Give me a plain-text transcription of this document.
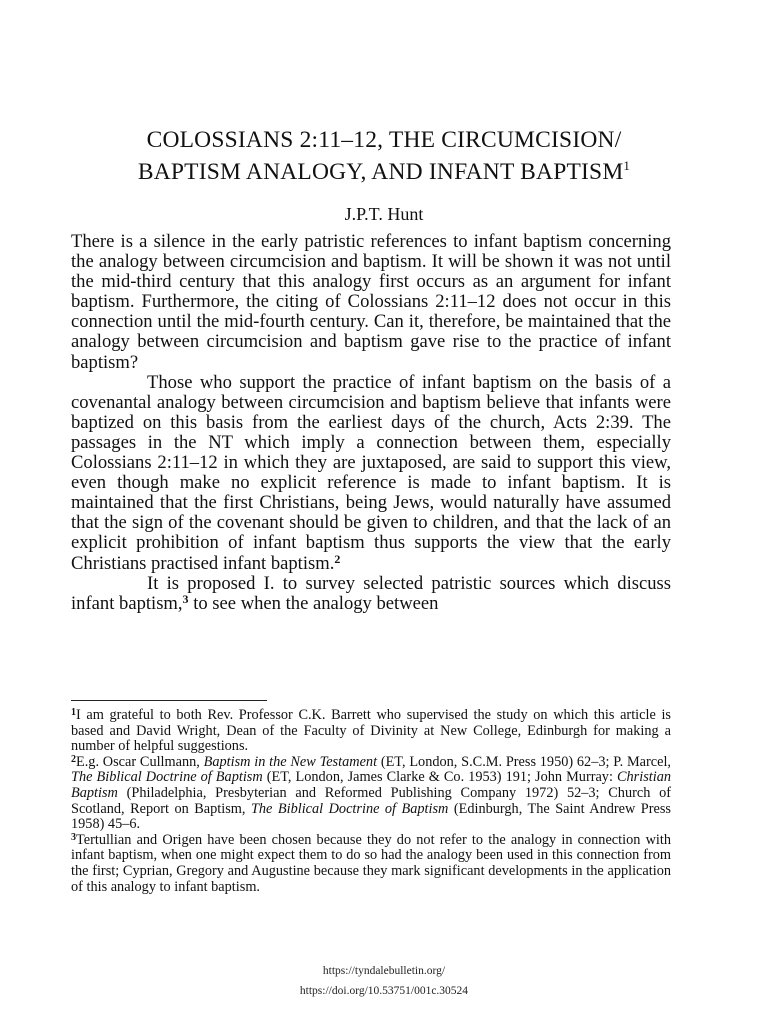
COLOSSIANS 2:11–12, THE CIRCUMCISION/
BAPTISM ANALOGY, AND INFANT BAPTISM$^1$
J.P.T. Hunt

There is a silence in the early patristic references to infant baptism concerning the analogy between circumcision and baptism. It will be shown it was not until the mid-third century that this analogy first occurs as an argument for infant baptism. Furthermore, the citing of Colossians 2:11–12 does not occur in this connection until the mid-fourth century. Can it, therefore, be maintained that the analogy between circumcision and baptism gave rise to the practice of infant baptism?

Those who support the practice of infant baptism on the basis of a covenantal analogy between circumcision and baptism believe that infants were baptized on this basis from the earliest days of the church, Acts 2:39. The passages in the NT which imply a connection between them, especially Colossians 2:11–12 in which they are juxtaposed, are said to support this view, even though make no explicit reference is made to infant baptism. It is maintained that the first Christians, being Jews, would naturally have assumed that the sign of the covenant should be given to children, and that the lack of an explicit prohibition of infant baptism thus supports the view that the early Christians practised infant baptism.$^2$

It is proposed I. to survey selected patristic sources which discuss infant baptism,$^3$ to see when the analogy between

$^1$I am grateful to both Rev. Professor C.K. Barrett who supervised the study on which this article is based and David Wright, Dean of the Faculty of Divinity at New College, Edinburgh for making a number of helpful suggestions.

$^2$E.g. Oscar Cullmann, Baptism in the New Testament (ET, London, S.C.M. Press 1950) 62–3; P. Marcel, The Biblical Doctrine of Baptism (ET, London, James Clarke & Co. 1953) 191; John Murray: Christian Baptism (Philadelphia, Presbyterian and Reformed Publishing Company 1972) 52–3; Church of Scotland, Report on Baptism, The Biblical Doctrine of Baptism (Edinburgh, The Saint Andrew Press 1958) 45–6.

$^3$Tertullian and Origen have been chosen because they do not refer to the analogy in connection with infant baptism, when one might expect them to do so had the analogy been used in this connection from the first; Cyprian, Gregory and Augustine because they mark significant developments in the application of this analogy to infant baptism.

https://tyndalebulletin.org/
https://doi.org/10.53751/001c.30524
